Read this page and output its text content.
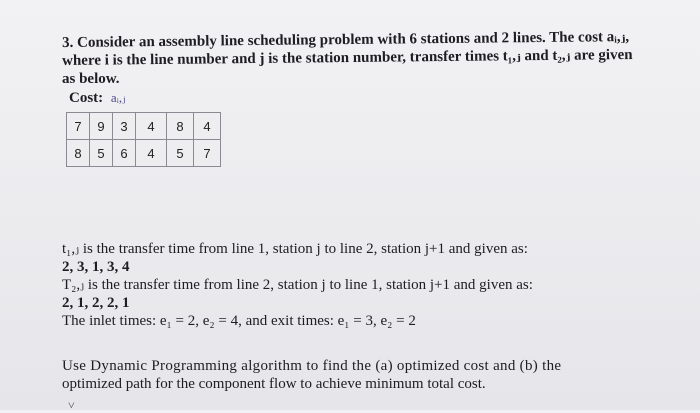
3. Consider an assembly line scheduling problem with 6 stations and 2 lines. The cost aᵢ,ⱼ,
where i is the line number and j is the station number, transfer times t₁,ⱼ and t₂,ⱼ are given
as below.
Cost: aᵢ,ⱼ
7	9	3	4	8	4
8	5	6	4	5	7
t₁,ⱼ is the transfer time from line 1, station j to line 2, station j+1 and given as:
2, 3, 1, 3, 4
T₂,ⱼ is the transfer time from line 2, station j to line 1, station j+1 and given as:
2, 1, 2, 2, 1
The inlet times: e₁ = 2, e₂ = 4, and exit times: e₁ = 3, e₂ = 2
Use Dynamic Programming algorithm to find the (a) optimized cost and (b) the
optimized path for the component flow to achieve minimum total cost.
˅
